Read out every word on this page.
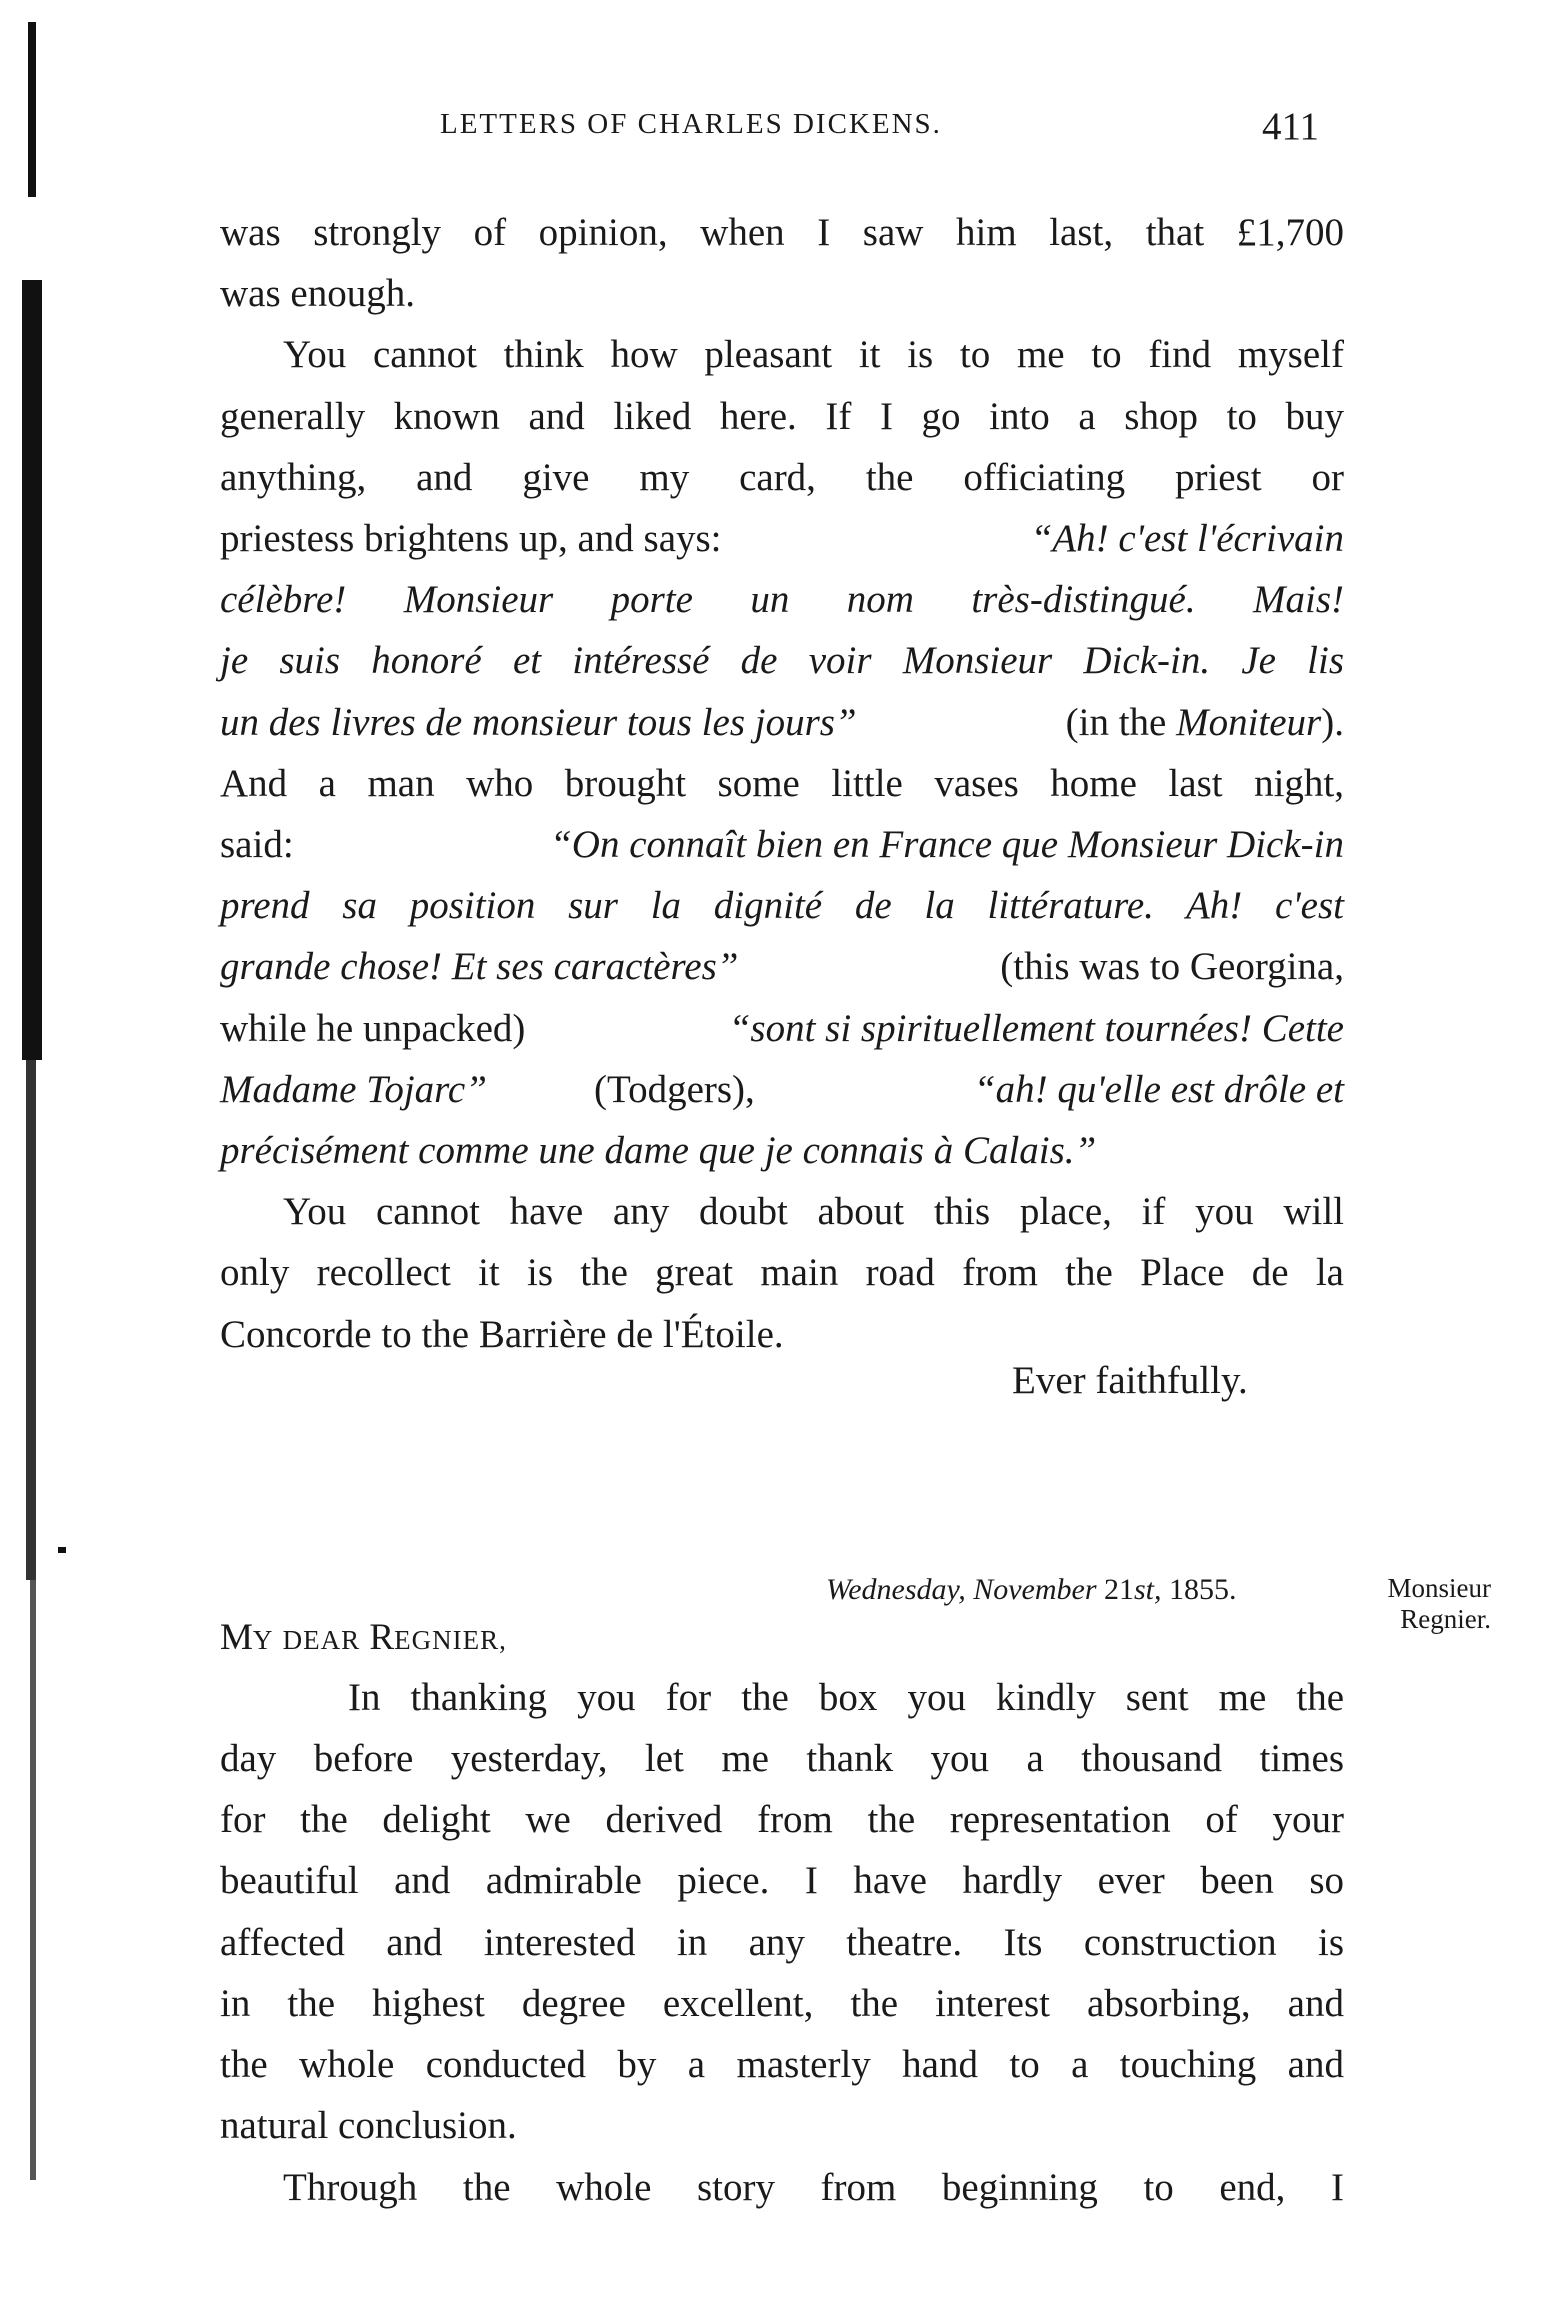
LETTERS OF CHARLES DICKENS.	411
was strongly of opinion, when I saw him last, that £1,700
was enough.
You cannot think how pleasant it is to me to find myself
generally known and liked here. If I go into a shop to buy
anything, and give my card, the officiating priest or
priestess brightens up, and says:	“Ah! c'est l'écrivain
célèbre! Monsieur porte un nom très-distingué. Mais!
je suis honoré et intéressé de voir Monsieur Dick-in. Je lis
un des livres de monsieur tous les jours”	(in the Moniteur).
And a man who brought some little vases home last night,
said:	“On connaît bien en France que Monsieur Dick-in
prend sa position sur la dignité de la littérature. Ah! c'est
grande chose! Et ses caractères”	(this was to Georgina,
while he unpacked)	“sont si spirituellement tournées! Cette
Madame Tojarc”	(Todgers),	“ah! qu'elle est drôle et
précisément comme une dame que je connais à Calais.”
You cannot have any doubt about this place, if you will
only recollect it is the great main road from the Place de la
Concorde to the Barrière de l'Étoile.
Ever faithfully.
Wednesday, November 21st, 1855.	Monsieur
Regnier.
MY DEAR REGNIER,
In thanking you for the box you kindly sent me the
day before yesterday, let me thank you a thousand times
for the delight we derived from the representation of your
beautiful and admirable piece. I have hardly ever been so
affected and interested in any theatre. Its construction is
in the highest degree excellent, the interest absorbing, and
the whole conducted by a masterly hand to a touching and
natural conclusion.
Through the whole story from beginning to end, I
